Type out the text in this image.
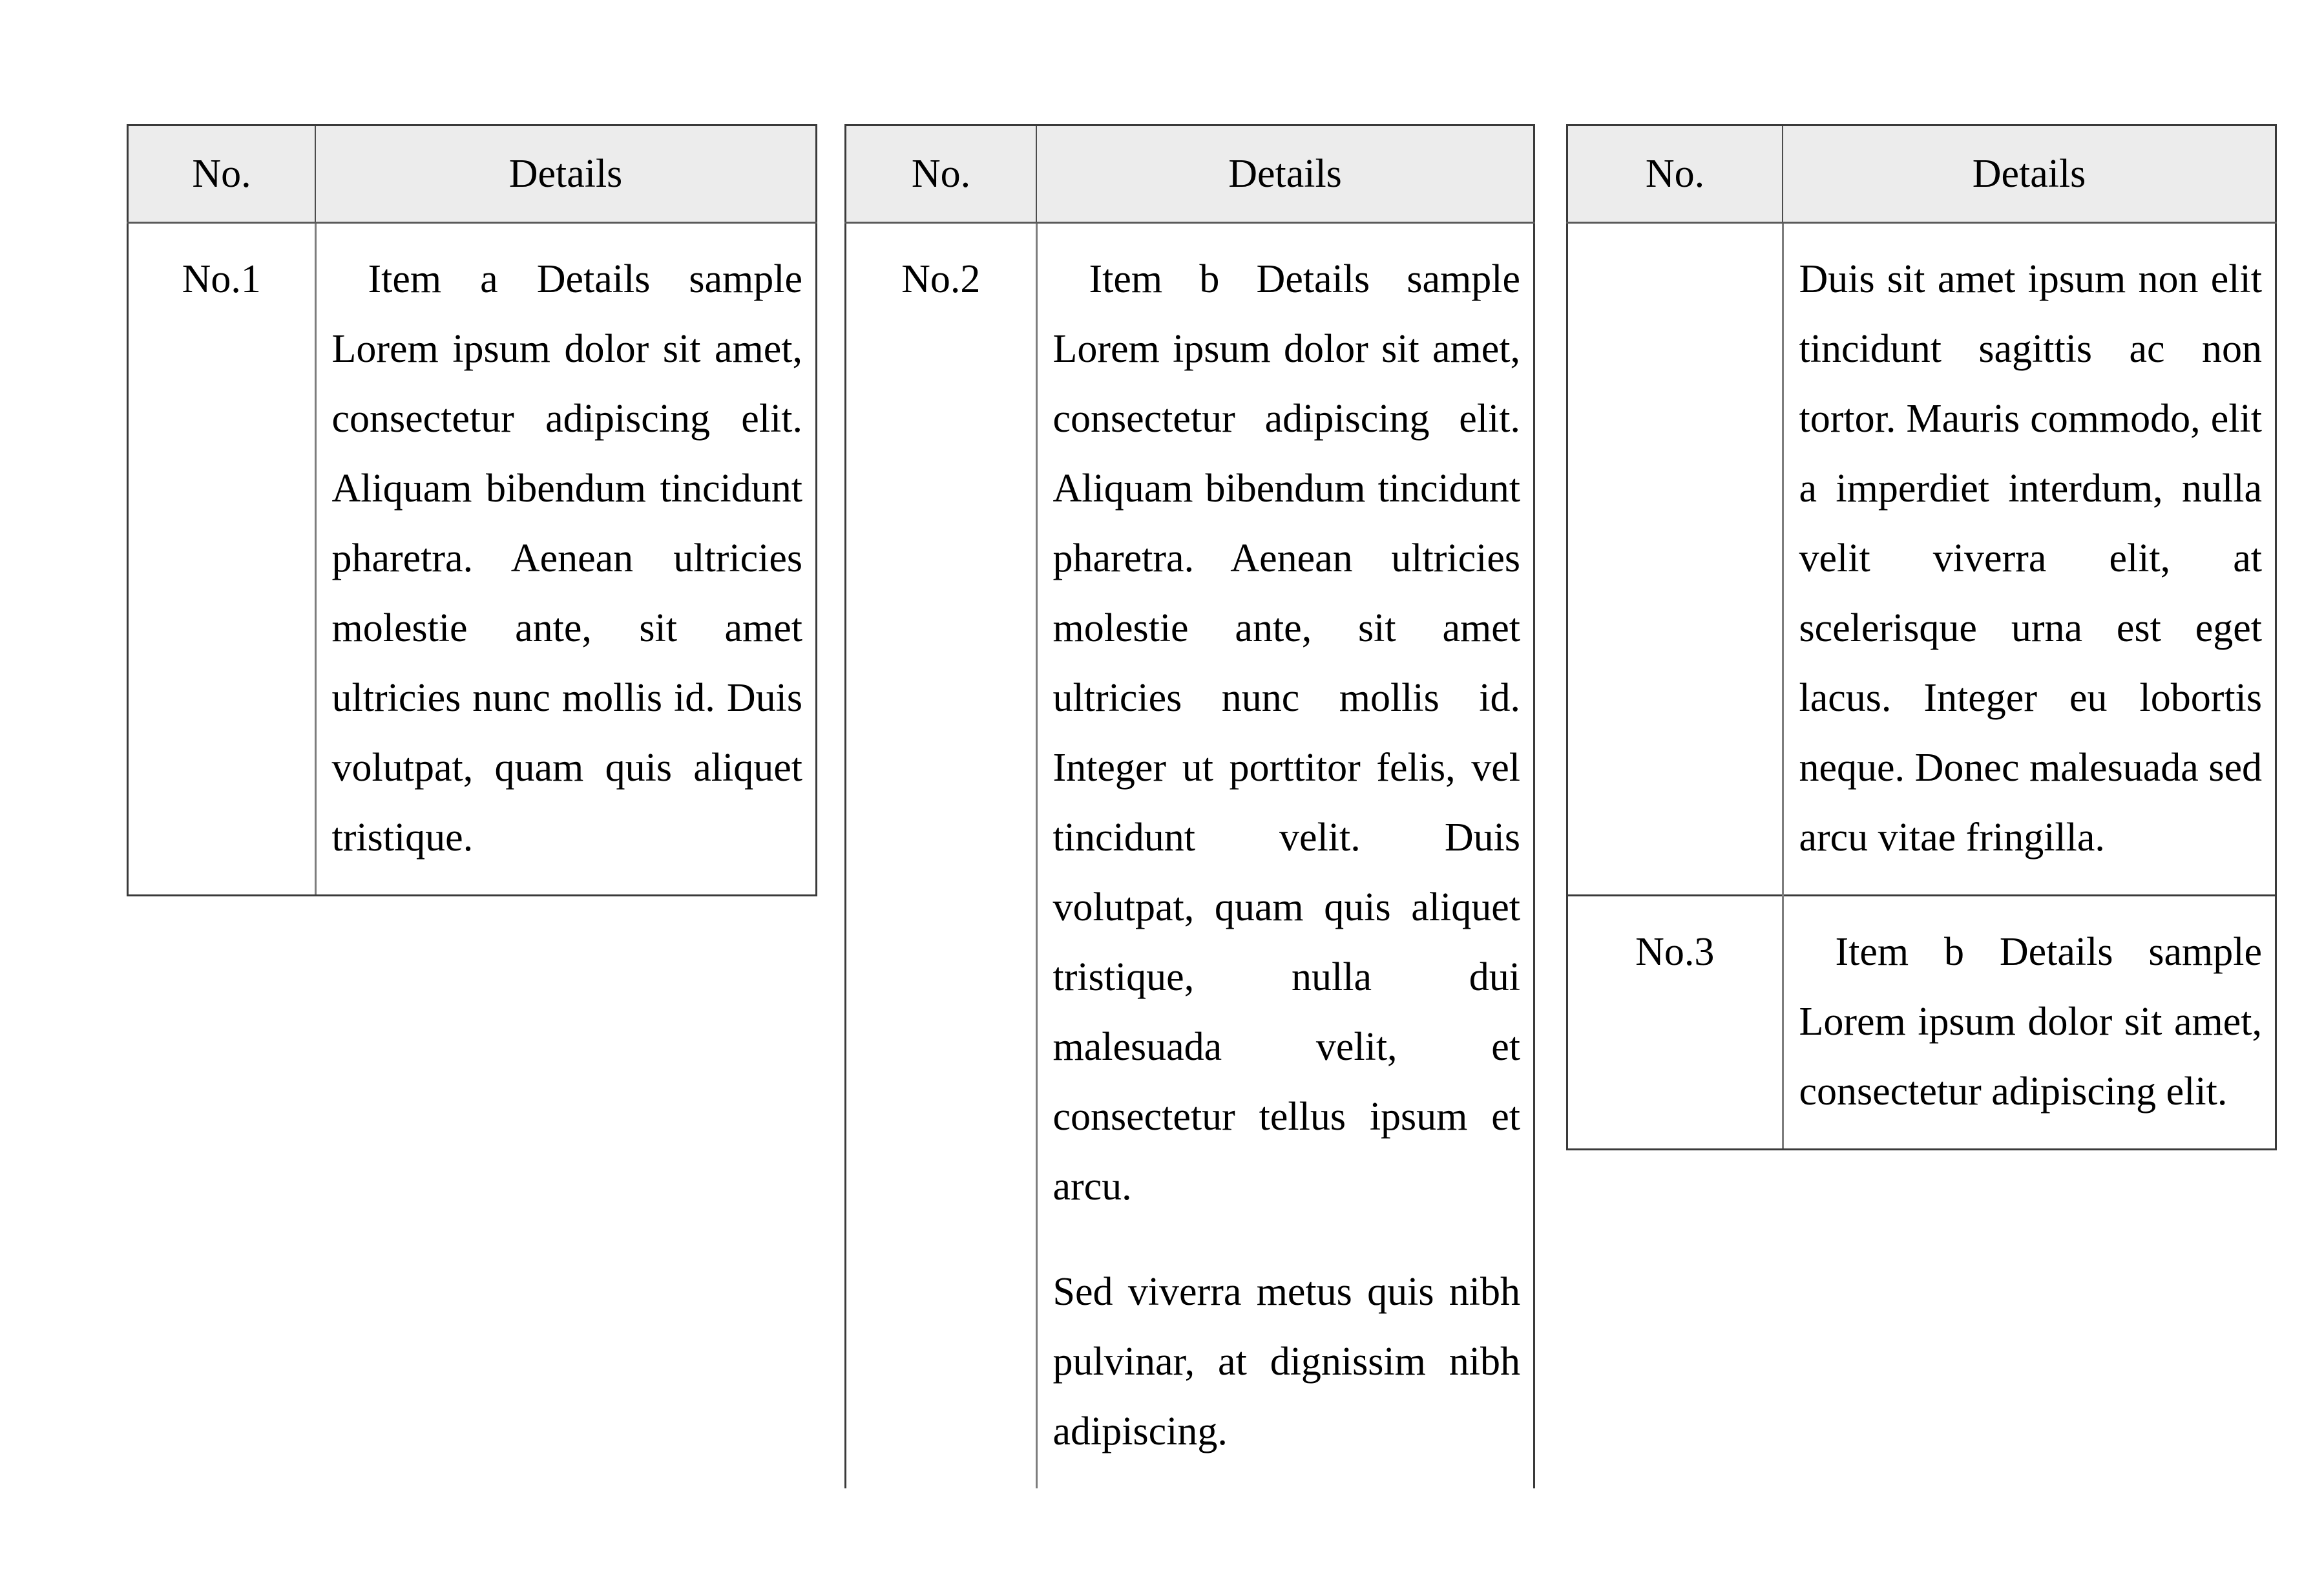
No.	Details
No.1	Item a Details sample Lorem ipsum dolor sit amet, consectetur adipiscing elit. Aliquam bibendum tincidunt pharetra. Aenean ultricies molestie ante, sit amet ultricies nunc mollis id. Duis volutpat, quam quis aliquet tristique.

No.	Details
No.2	Item b Details sample Lorem ipsum dolor sit amet, consectetur adipiscing elit. Aliquam bibendum tincidunt pharetra. Aenean ultricies molestie ante, sit amet ultricies nunc mollis id. Integer ut porttitor felis, vel tincidunt velit. Duis volutpat, quam quis aliquet tristique, nulla dui malesuada velit, et consectetur tellus ipsum et arcu.

Sed viverra metus quis nibh pulvinar, at dignissim nibh adipiscing.

No.	Details

	Duis sit amet ipsum non elit tincidunt sagittis ac non tortor. Mauris commodo, elit a imperdiet interdum, nulla velit viverra elit, at scelerisque urna est eget lacus. Integer eu lobortis neque. Donec malesuada sed arcu vitae fringilla.

No.3	Item b Details sample Lorem ipsum dolor sit amet, consectetur adipiscing elit.
